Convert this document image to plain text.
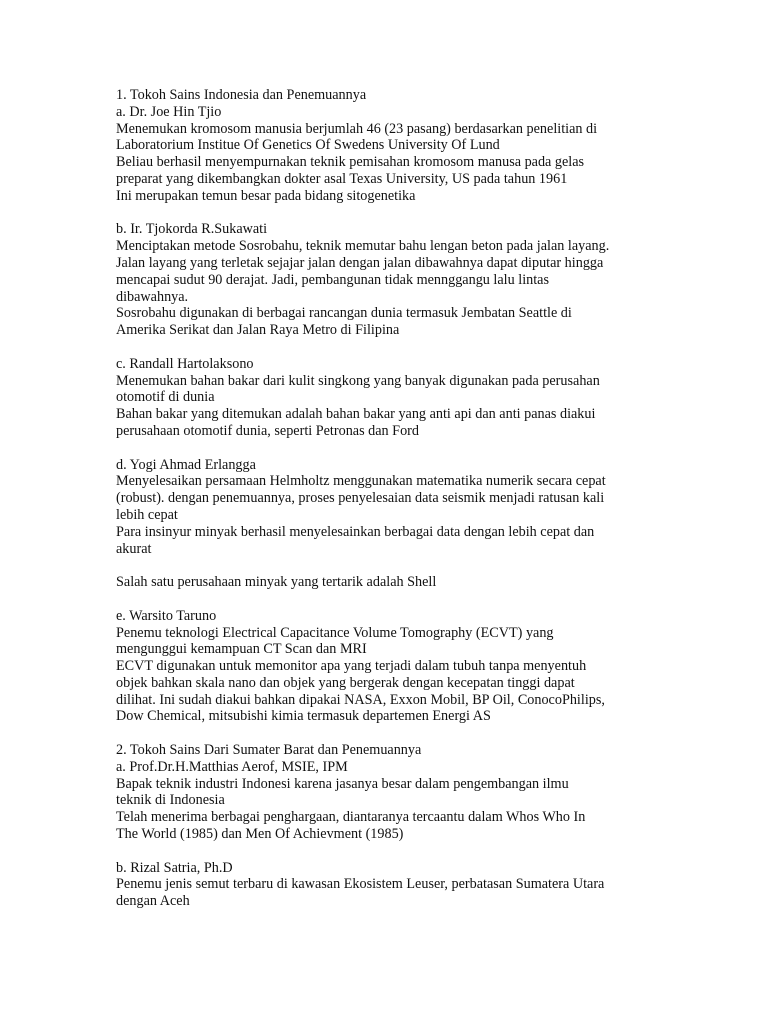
1. Tokoh Sains Indonesia dan Penemuannya
a. Dr. Joe Hin Tjio
Menemukan kromosom manusia berjumlah 46 (23 pasang) berdasarkan penelitian di
Laboratorium Institue Of Genetics Of Swedens University Of Lund
Beliau berhasil menyempurnakan teknik pemisahan kromosom manusa pada gelas
preparat yang dikembangkan dokter asal Texas University, US pada tahun 1961
Ini merupakan temun besar pada bidang sitogenetika
b. Ir. Tjokorda R.Sukawati
Menciptakan metode Sosrobahu, teknik memutar bahu lengan beton pada jalan layang.
Jalan layang yang terletak sejajar jalan dengan jalan dibawahnya dapat diputar hingga
mencapai sudut 90 derajat. Jadi, pembangunan tidak mennggangu lalu lintas
dibawahnya.
Sosrobahu digunakan di berbagai rancangan dunia termasuk Jembatan Seattle di
Amerika Serikat dan Jalan Raya Metro di Filipina
c. Randall Hartolaksono
Menemukan bahan bakar dari kulit singkong yang banyak digunakan pada perusahan
otomotif di dunia
Bahan bakar yang ditemukan adalah bahan bakar yang anti api dan anti panas diakui
perusahaan otomotif dunia, seperti Petronas dan Ford
d. Yogi Ahmad Erlangga
Menyelesaikan persamaan Helmholtz menggunakan matematika numerik secara cepat
(robust). dengan penemuannya, proses penyelesaian data seismik menjadi ratusan kali
lebih cepat
Para insinyur minyak berhasil menyelesainkan berbagai data dengan lebih cepat dan
akurat
Salah satu perusahaan minyak yang tertarik adalah Shell
e. Warsito Taruno
Penemu teknologi Electrical Capacitance Volume Tomography (ECVT) yang
mengunggui kemampuan CT Scan dan MRI
ECVT digunakan untuk memonitor apa yang terjadi dalam tubuh tanpa menyentuh
objek bahkan skala nano dan objek yang bergerak dengan kecepatan tinggi dapat
dilihat. Ini sudah diakui bahkan dipakai NASA, Exxon Mobil, BP Oil, ConocoPhilips,
Dow Chemical, mitsubishi kimia termasuk departemen Energi AS
2. Tokoh Sains Dari Sumater Barat dan Penemuannya
a. Prof.Dr.H.Matthias Aerof, MSIE, IPM
Bapak teknik industri Indonesi karena jasanya besar dalam pengembangan ilmu
teknik di Indonesia
Telah menerima berbagai penghargaan, diantaranya tercaantu dalam Whos Who In
The World (1985) dan Men Of Achievment (1985)
b. Rizal Satria, Ph.D
Penemu jenis semut terbaru di kawasan Ekosistem Leuser, perbatasan Sumatera Utara
dengan Aceh
